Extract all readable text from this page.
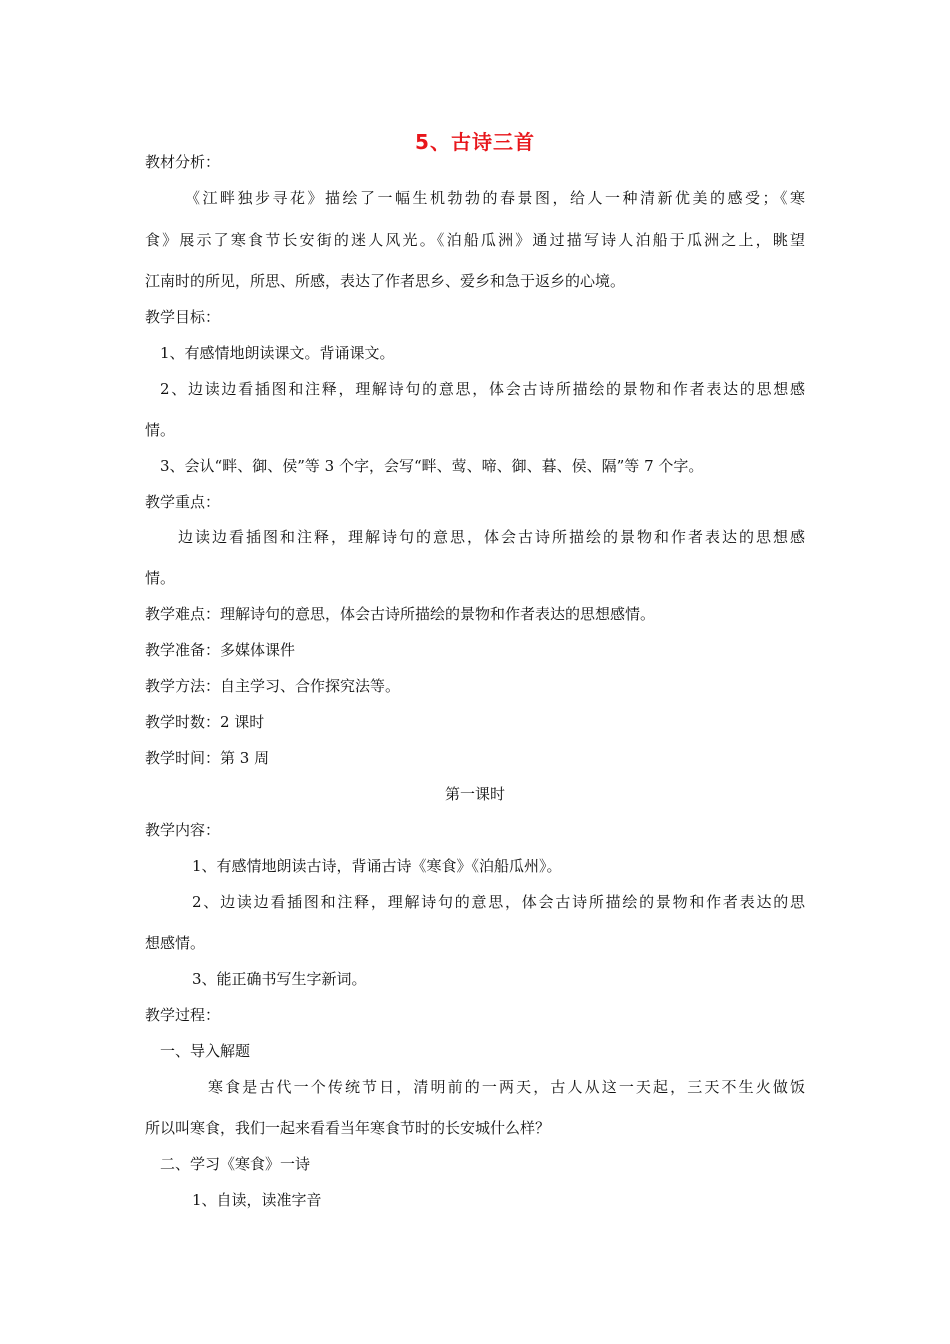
5、古诗三首
教材分析：
《江畔独步寻花》描绘了一幅生机勃勃的春景图，给人一种清新优美的感受；《寒
食》展示了寒食节长安街的迷人风光。《泊船瓜洲》通过描写诗人泊船于瓜洲之上，眺望
江南时的所见，所思、所感，表达了作者思乡、爱乡和急于返乡的心境。
教学目标：
1、有感情地朗读课文。背诵课文。
2、边读边看插图和注释，理解诗句的意思，体会古诗所描绘的景物和作者表达的思想感
情。
3、会认“畔、御、侯”等 3 个字，会写“畔、莺、啼、御、暮、侯、隔”等 7 个字。
教学重点：
边读边看插图和注释，理解诗句的意思，体会古诗所描绘的景物和作者表达的思想感
情。
教学难点：理解诗句的意思，体会古诗所描绘的景物和作者表达的思想感情。
教学准备：多媒体课件
教学方法：自主学习、合作探究法等。
教学时数：2 课时
教学时间：第 3 周
第一课时
教学内容：
1、有感情地朗读古诗，背诵古诗《寒食》《泊船瓜州》。
2、边读边看插图和注释，理解诗句的意思，体会古诗所描绘的景物和作者表达的思
想感情。
3、能正确书写生字新词。
教学过程：
一、导入解题
寒食是古代一个传统节日，清明前的一两天，古人从这一天起，三天不生火做饭
所以叫寒食，我们一起来看看当年寒食节时的长安城什么样？
二、学习《寒食》一诗
1、自读，读准字音
